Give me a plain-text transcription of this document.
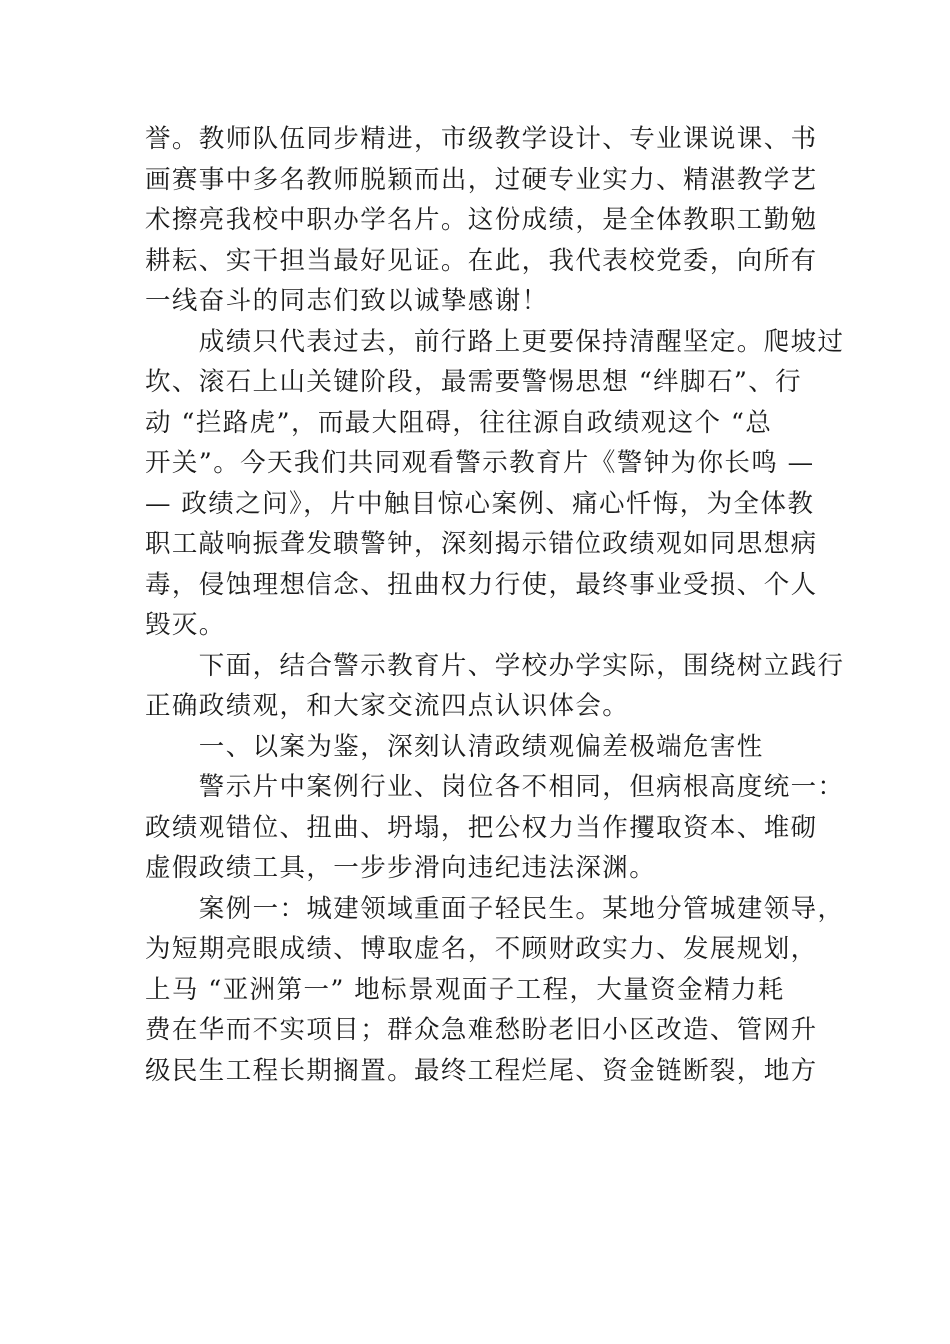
誉。教师队伍同步精进，市级教学设计、专业课说课、书
画赛事中多名教师脱颖而出，过硬专业实力、精湛教学艺
术擦亮我校中职办学名片。这份成绩，是全体教职工勤勉
耕耘、实干担当最好见证。在此，我代表校党委，向所有
一线奋斗的同志们致以诚挚感谢！
　　成绩只代表过去，前行路上更要保持清醒坚定。爬坡过
坎、滚石上山关键阶段，最需要警惕思想 “绊脚石”、行
动 “拦路虎”，而最大阻碍，往往源自政绩观这个 “总
开关”。今天我们共同观看警示教育片《警钟为你长鸣 —
— 政绩之问》，片中触目惊心案例、痛心忏悔，为全体教
职工敲响振聋发聩警钟，深刻揭示错位政绩观如同思想病
毒，侵蚀理想信念、扭曲权力行使，最终事业受损、个人
毁灭。
　　下面，结合警示教育片、学校办学实际，围绕树立践行
正确政绩观，和大家交流四点认识体会。
　　一、以案为鉴，深刻认清政绩观偏差极端危害性
　　警示片中案例行业、岗位各不相同，但病根高度统一：
政绩观错位、扭曲、坍塌，把公权力当作攫取资本、堆砌
虚假政绩工具，一步步滑向违纪违法深渊。
　　案例一：城建领域重面子轻民生。某地分管城建领导，
为短期亮眼成绩、博取虚名，不顾财政实力、发展规划，
上马 “亚洲第一” 地标景观面子工程，大量资金精力耗
费在华而不实项目；群众急难愁盼老旧小区改造、管网升
级民生工程长期搁置。最终工程烂尾、资金链断裂，地方
